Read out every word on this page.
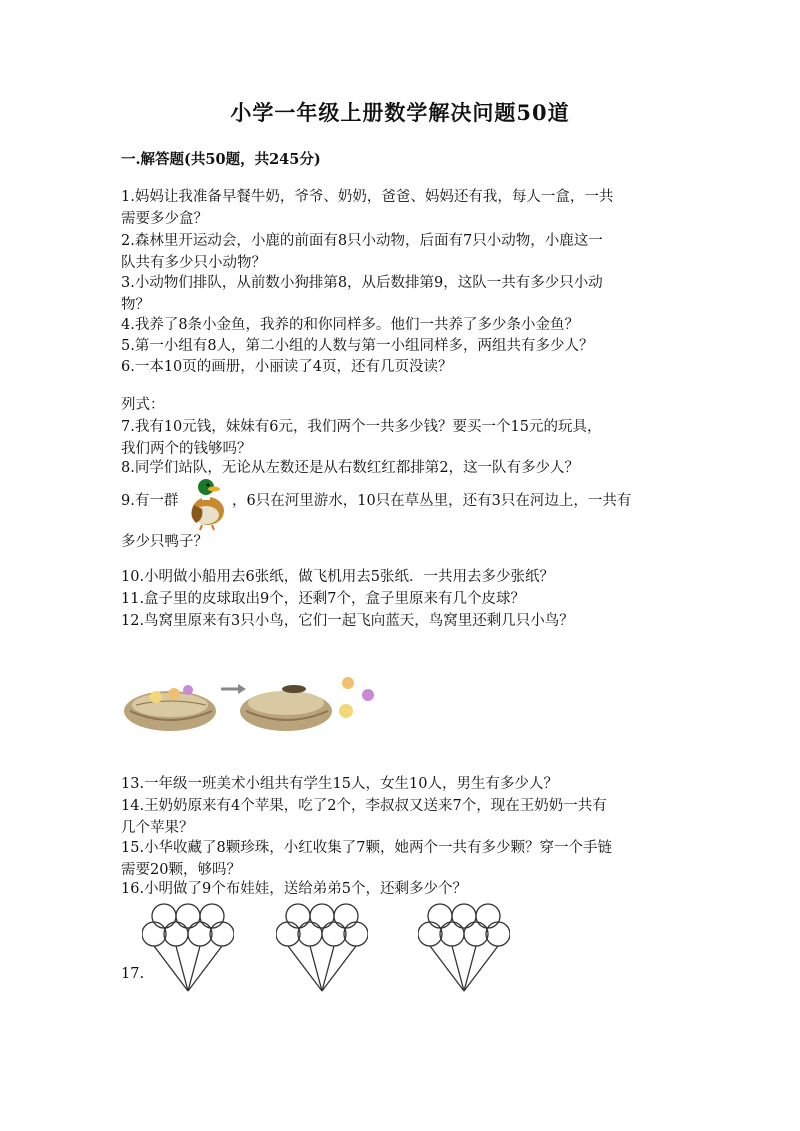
小学一年级上册数学解决问题50道
一.解答题(共50题，共245分)
1.妈妈让我准备早餐牛奶，爷爷、奶奶，爸爸、妈妈还有我，每人一盒，一共
需要多少盒？
2.森林里开运动会，小鹿的前面有8只小动物，后面有7只小动物，小鹿这一
队共有多少只小动物？
3.小动物们排队，从前数小狗排第8，从后数排第9，这队一共有多少只小动
物？
4.我养了8条小金鱼，我养的和你同样多。他们一共养了多少条小金鱼？
5.第一小组有8人，第二小组的人数与第一小组同样多，两组共有多少人？
6.一本10页的画册，小丽读了4页，还有几页没读？
列式：
7.我有10元钱，妹妹有6元，我们两个一共多少钱？要买一个15元的玩具，
我们两个的钱够吗？
8.同学们站队，无论从左数还是从右数红红都排第2，这一队有多少人？
9.有一群	，6只在河里游水，10只在草丛里，还有3只在河边上，一共有
多少只鸭子？
10.小明做小船用去6张纸，做飞机用去5张纸．一共用去多少张纸？
11.盒子里的皮球取出9个，还剩7个，盒子里原来有几个皮球？
12.鸟窝里原来有3只小鸟，它们一起飞向蓝天，鸟窝里还剩几只小鸟？
13.一年级一班美术小组共有学生15人，女生10人，男生有多少人？
14.王奶奶原来有4个苹果，吃了2个，李叔叔又送来7个，现在王奶奶一共有
几个苹果？
15.小华收藏了8颗珍珠，小红收集了7颗，她两个一共有多少颗？穿一个手链
需要20颗，够吗？
16.小明做了9个布娃娃，送给弟弟5个，还剩多少个？
17.
